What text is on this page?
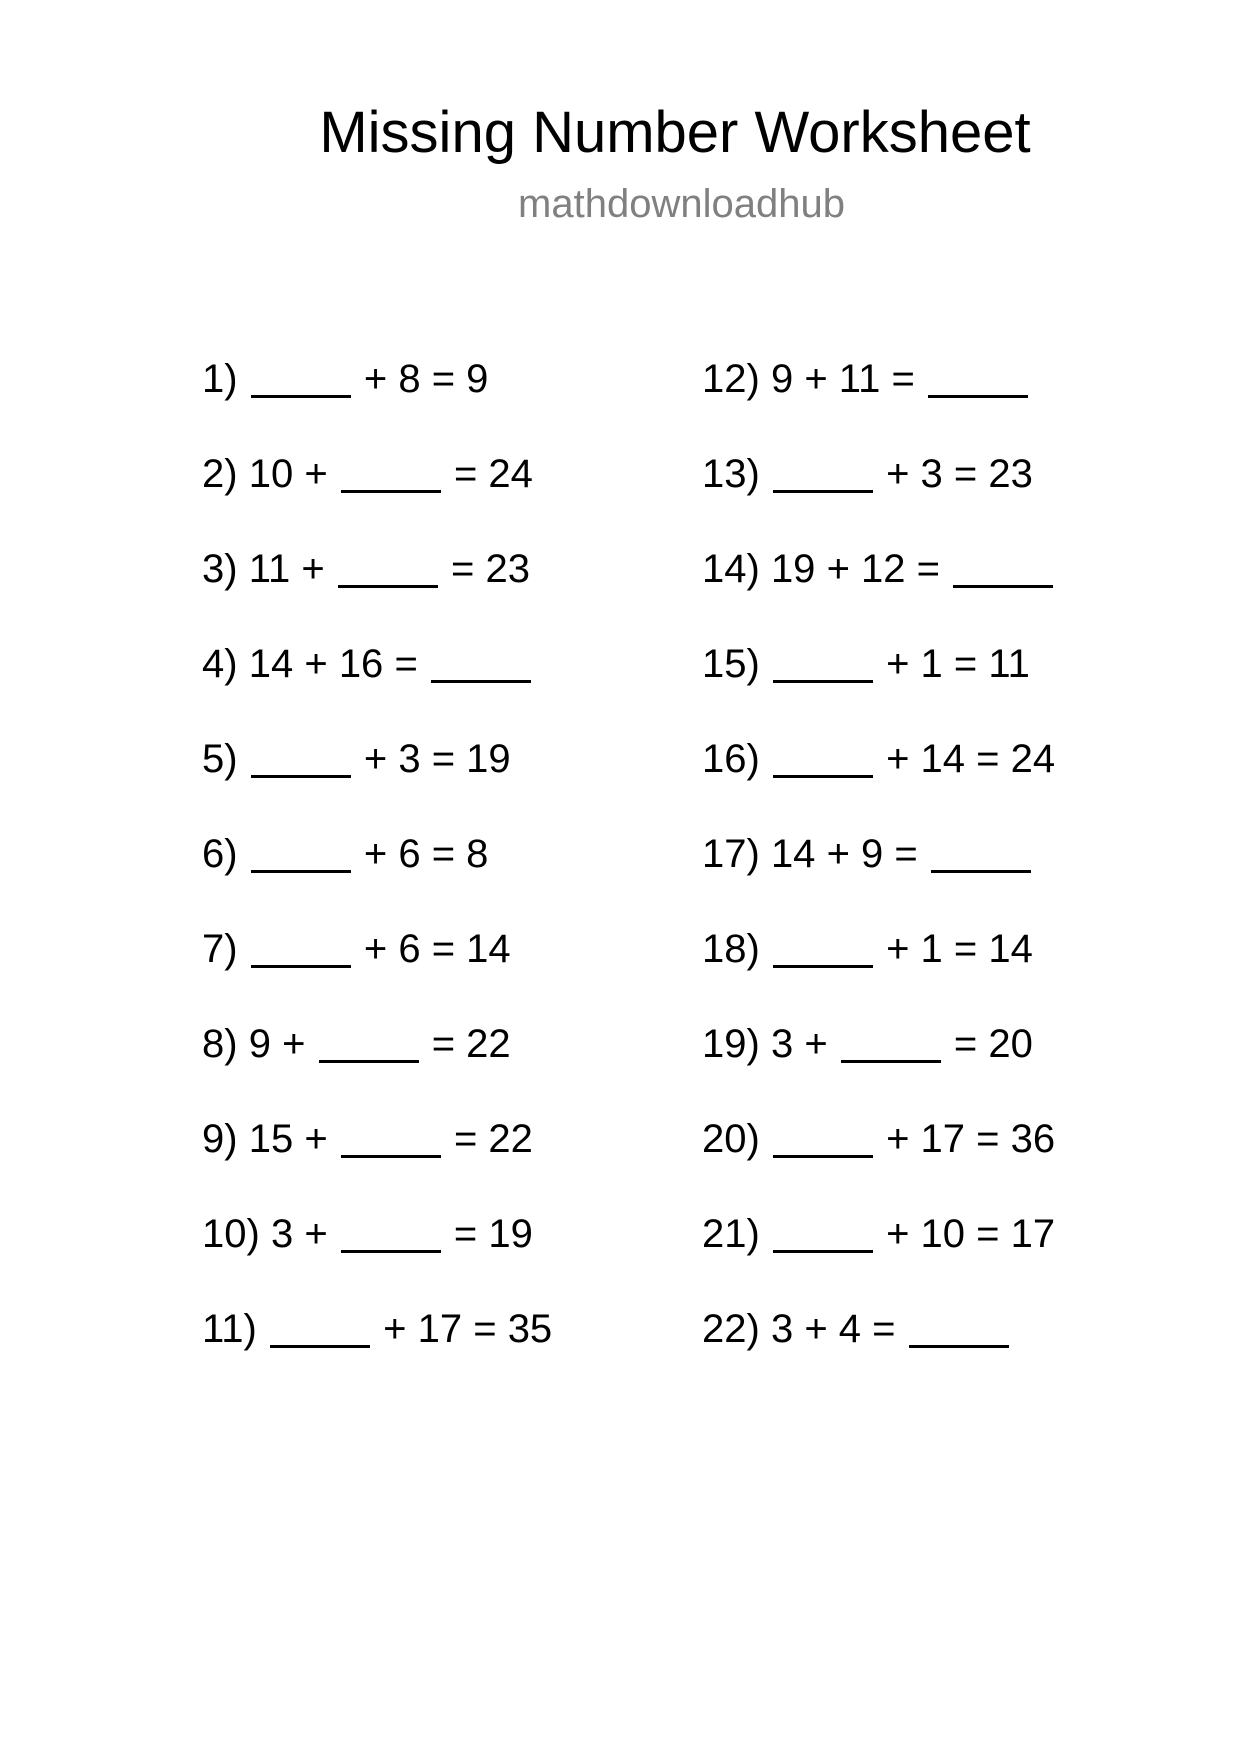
Missing Number Worksheet
mathdownloadhub
1)	+ 8 = 9
2) 10 +	= 24
3) 11 +	= 23
4) 14 + 16 =
5)	+ 3 = 19
6)	+ 6 = 8
7)	+ 6 = 14
8) 9 +	= 22
9) 15 +	= 22
10) 3 +	= 19
11)	+ 17 = 35
12) 9 + 11 =
13)	+ 3 = 23
14) 19 + 12 =
15)	+ 1 = 11
16)	+ 14 = 24
17) 14 + 9 =
18)	+ 1 = 14
19) 3 +	= 20
20)	+ 17 = 36
21)	+ 10 = 17
22) 3 + 4 =
